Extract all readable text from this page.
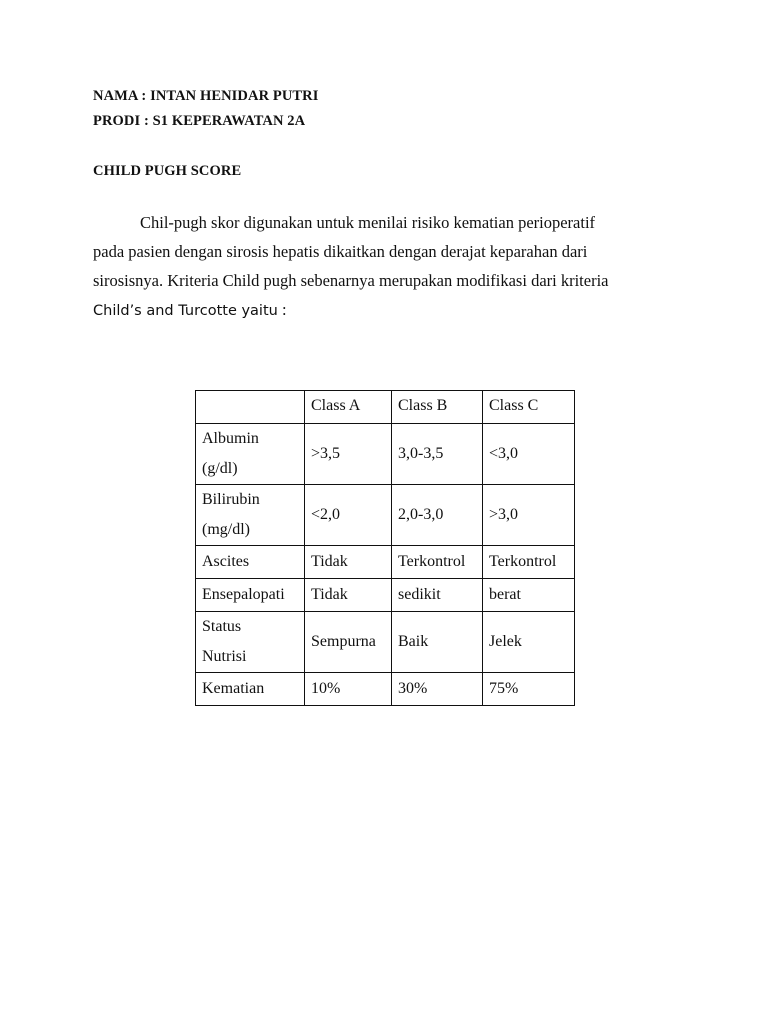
NAMA : INTAN HENIDAR PUTRI
PRODI : S1 KEPERAWATAN 2A
CHILD PUGH SCORE
Chil-pugh skor digunakan untuk menilai risiko kematian perioperatif
pada pasien dengan sirosis hepatis dikaitkan dengan derajat keparahan dari
sirosisnya. Kriteria Child pugh sebenarnya merupakan modifikasi dari kriteria
Child’s and Turcotte yaitu :
	Class A	Class B	Class C
Albumin
(g/dl)	>3,5	3,0-3,5	<3,0
Bilirubin
(mg/dl)	<2,0	2,0-3,0	>3,0
Ascites	Tidak	Terkontrol	Terkontrol
Ensepalopati	Tidak	sedikit	berat
Status
Nutrisi	Sempurna	Baik	Jelek
Kematian	10%	30%	75%
